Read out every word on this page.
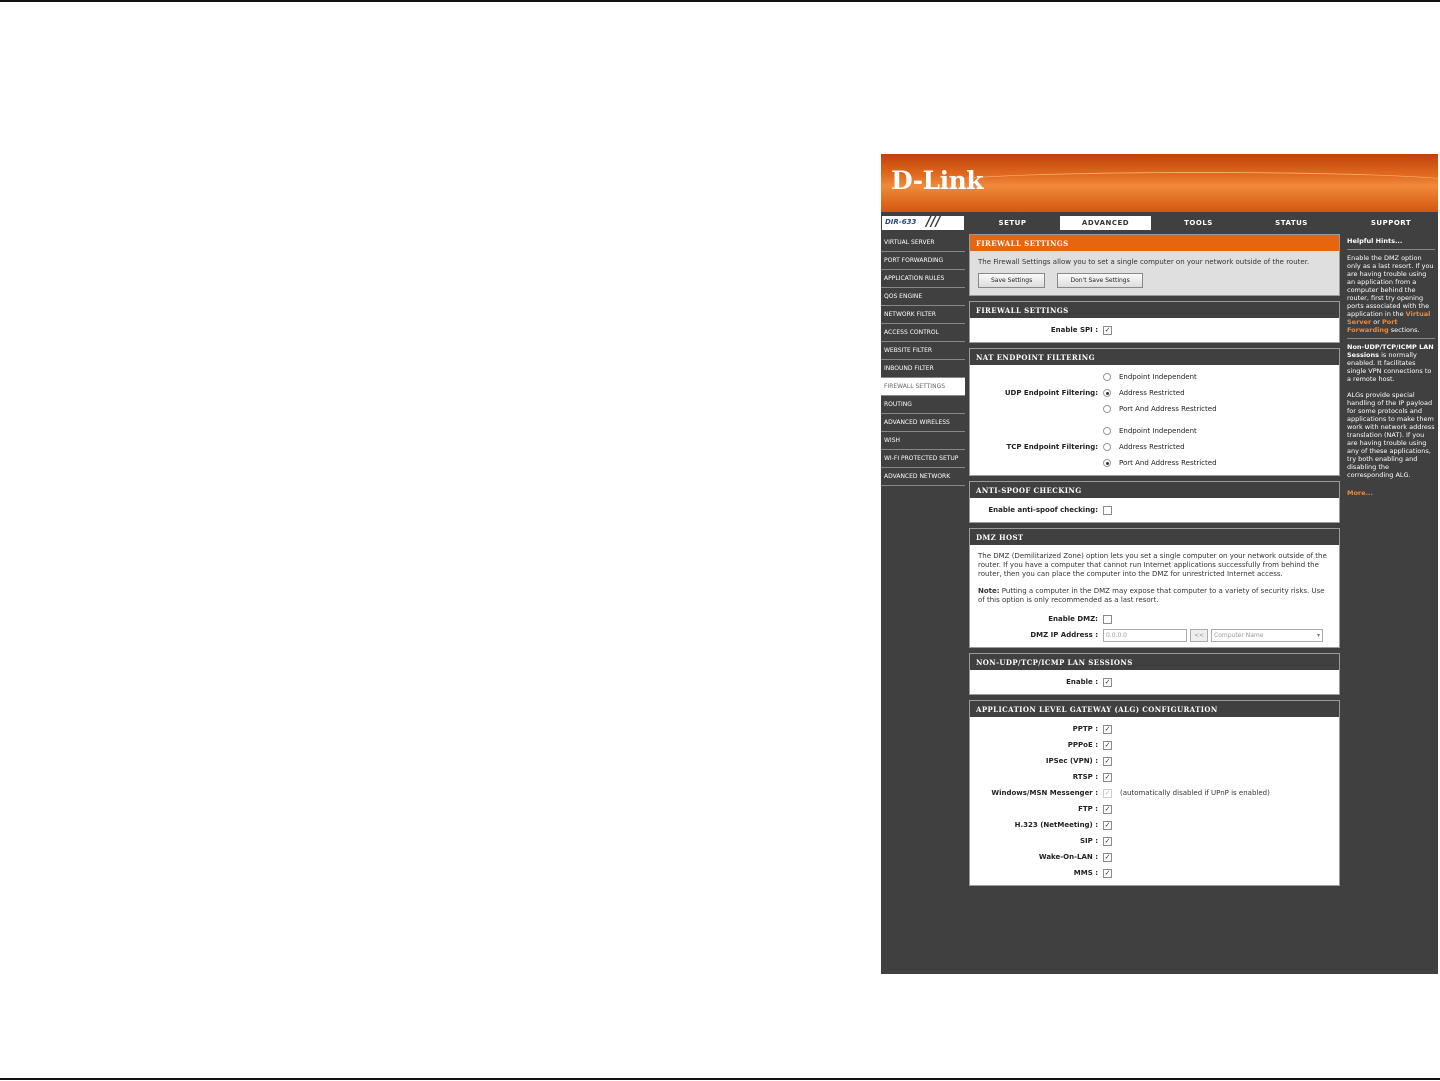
D-Link
DIR-633 ///	SETUP	ADVANCED	TOOLS	STATUS	SUPPORT
VIRTUAL SERVER
PORT FORWARDING
APPLICATION RULES
QOS ENGINE
NETWORK FILTER
ACCESS CONTROL
WEBSITE FILTER
INBOUND FILTER
FIREWALL SETTINGS
ROUTING
ADVANCED WIRELESS
WISH
WI-FI PROTECTED SETUP
ADVANCED NETWORK
FIREWALL SETTINGS

The Firewall Settings allow you to set a single computer on your network outside of the router.

Save Settings	Don't Save Settings
FIREWALL SETTINGS
Enable SPI : ✓
NAT ENDPOINT FILTERING
UDP Endpoint Filtering:
Endpoint Independent
Address Restricted
Port And Address Restricted
TCP Endpoint Filtering:
Endpoint Independent
Address Restricted
Port And Address Restricted
ANTI-SPOOF CHECKING
Enable anti-spoof checking:
DMZ HOST

The DMZ (Demilitarized Zone) option lets you set a single computer on your network outside of the router. If you have a computer that cannot run Internet applications successfully from behind the router, then you can place the computer into the DMZ for unrestricted Internet access.

Note: Putting a computer in the DMZ may expose that computer to a variety of security risks. Use of this option is only recommended as a last resort.

Enable DMZ:
DMZ IP Address :	0.0.0.0	<<	Computer Name	▾
NON-UDP/TCP/ICMP LAN SESSIONS
Enable : ✓
APPLICATION LEVEL GATEWAY (ALG) CONFIGURATION
PPTP : ✓
PPPoE : ✓
IPSec (VPN) : ✓
RTSP : ✓
Windows/MSN Messenger : ✓ (automatically disabled if UPnP is enabled)
FTP : ✓
H.323 (NetMeeting) : ✓
SIP : ✓
Wake-On-LAN : ✓
MMS : ✓
Helpful Hints...
Enable the DMZ option only as a last resort. If you are having trouble using an application from a computer behind the router, first try opening ports associated with the application in the Virtual Server or Port Forwarding sections.
Non-UDP/TCP/ICMP LAN Sessions is normally enabled. It facilitates single VPN connections to a remote host.
ALGs provide special handling of the IP payload for some protocols and applications to make them work with network address translation (NAT). If you are having trouble using any of these applications, try both enabling and disabling the corresponding ALG.
More...
